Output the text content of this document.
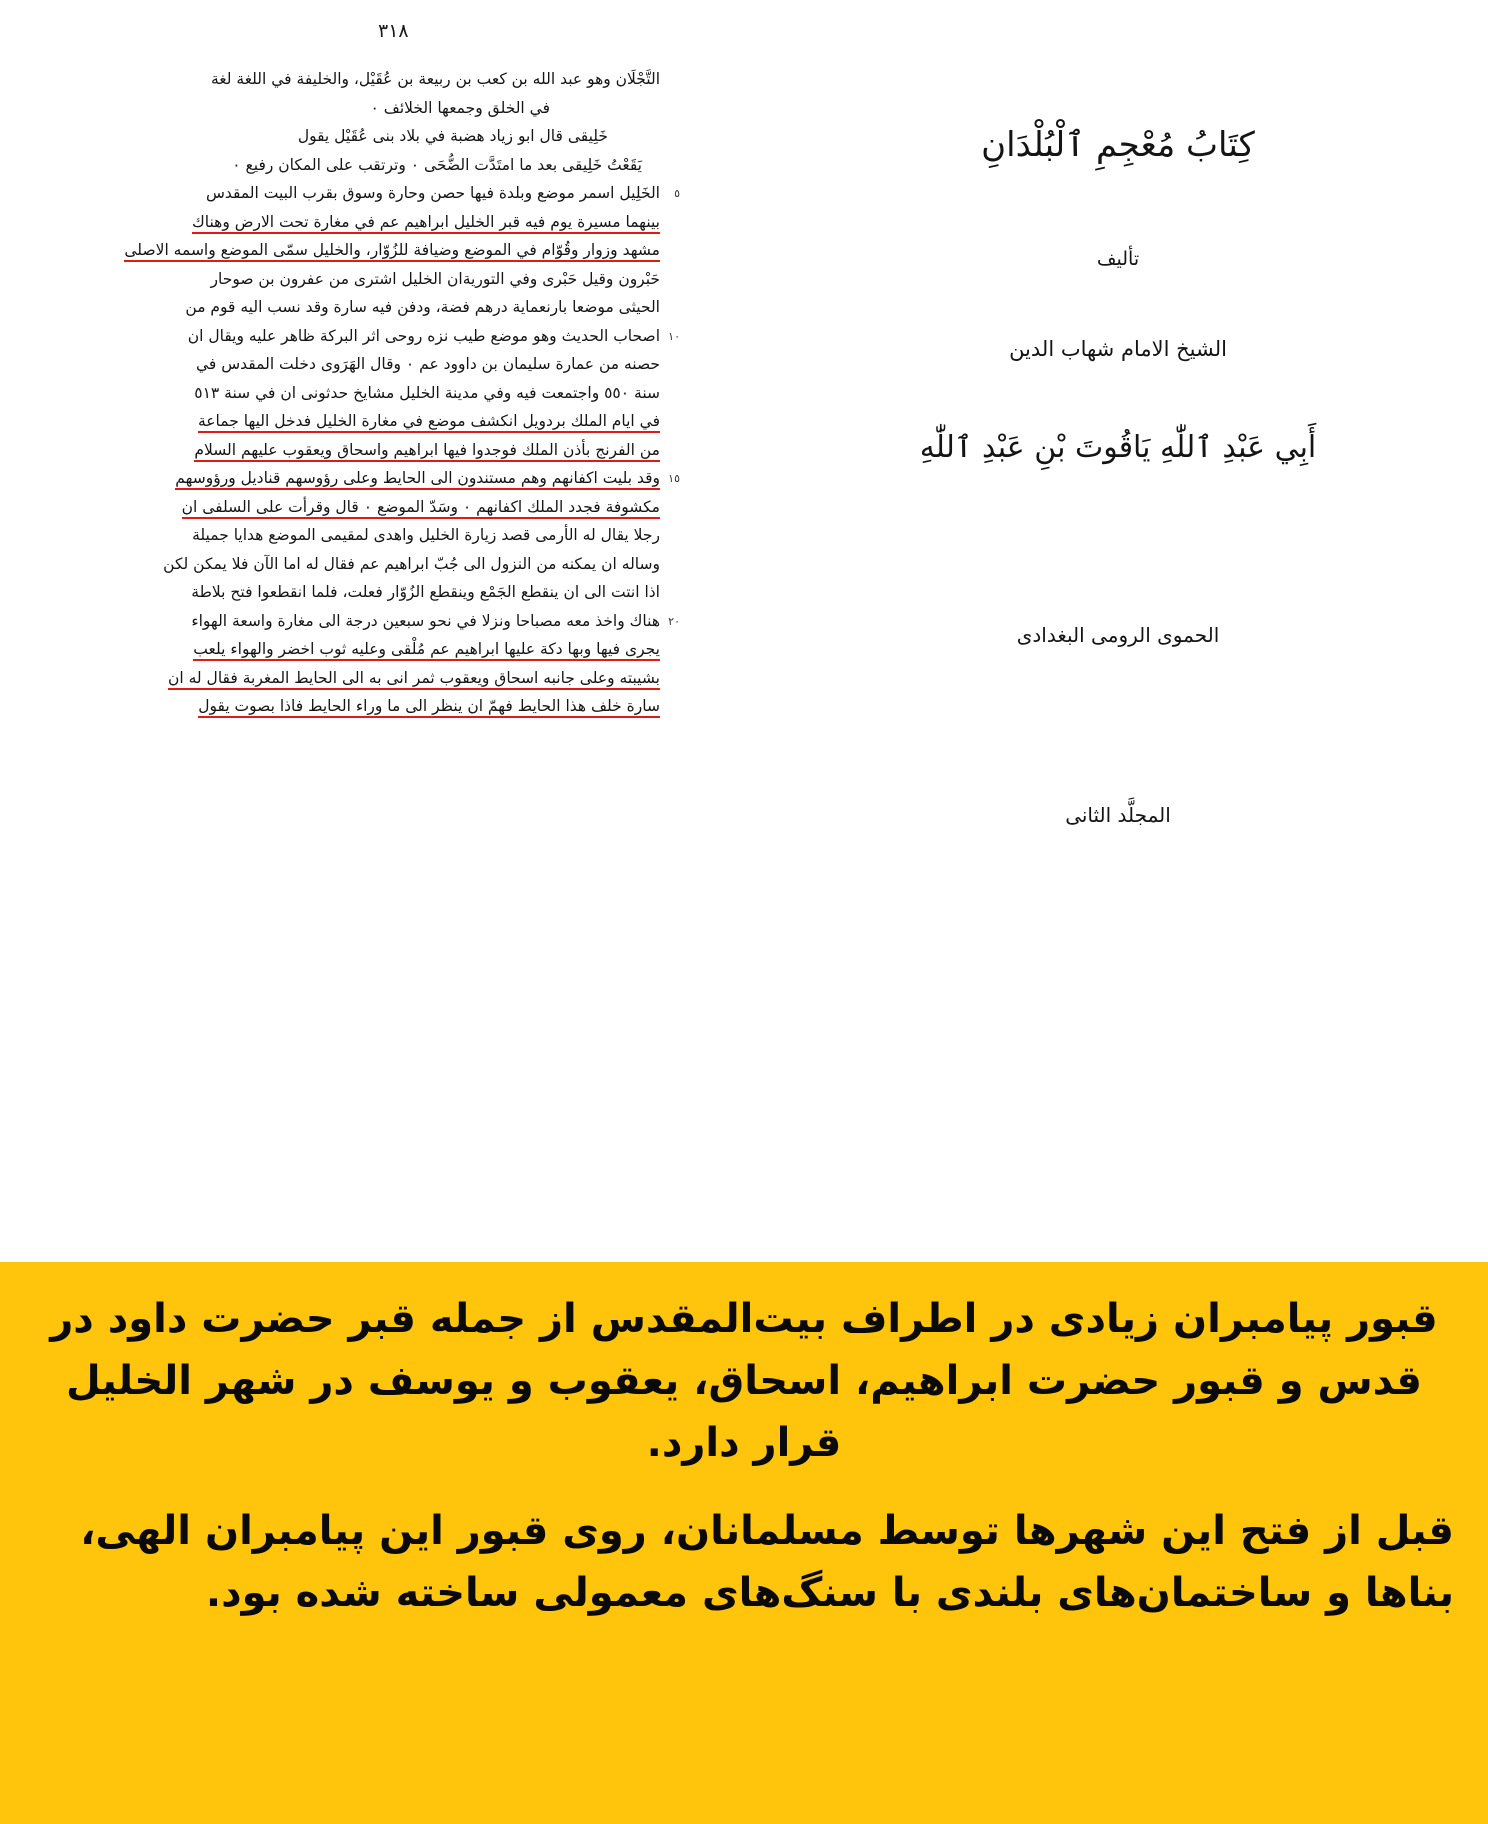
۳۱۸
كِتَابُ مُعْجِمِ ٱلْبُلْدَانِ
تأليف
الشيخ الامام شهاب الدين
أَبِي عَبْدِ ٱللّٰهِ يَاقُوتَ بْنِ عَبْدِ ٱللّٰهِ
الحموى الرومى البغدادى
المجلَّد الثانى
التَّجْلَان وهو عبد الله بن كعب بن ربيعة بن عُقَيْل، والخليفة في اللغة لغة
في الخلق وجمعها الخلائف ۰
خَلِيقى قال ابو زياد هضبة في بلاد بنى عُقَيْل يقول
يَقَعْتُ خَلِيقى بعد ما امتَدَّت الضُّحَى ۰ وترتقب على المكان رفيع ۰
٥
الخَلِيل اسمر موضع وبلدة فيها حصن وحارة وسوق بقرب البيت المقدس
بينهما مسيرة يوم فيه قبر الخليل ابراهيم عم في مغارة تحت الارض وهناك
مشهد وزوار وقُوّام في الموضع وضيافة للزُوّار، والخليل سمّى الموضع واسمه الاصلى
حَبْرون وقيل حَبْرى وفي التوريةان الخليل اشترى من عفرون بن صوحار
الحيثى موضعا بارنعماية درهم فضة، ودفن فيه سارة وقد نسب اليه قوم من
١٠
اصحاب الحديث وهو موضع طيب نزه روحى اثر البركة ظاهر عليه ويقال ان
حصنه من عمارة سليمان بن داوود عم ۰ وقال الهَرَوى دخلت المقدس في
سنة ٥٥٠ واجتمعت فيه وفي مدينة الخليل مشايخ حدثونى ان في سنة ٥١٣
في ايام الملك بردويل انكشف موضع في مغارة الخليل فدخل اليها جماعة
من الفرنج بأذن الملك فوجدوا فيها ابراهيم واسحاق ويعقوب عليهم السلام
١٥
وقد بليت اكفانهم وهم مستندون الى الحايط وعلى رؤوسهم قناديل ورؤوسهم
مكشوفة فجدد الملك اكفانهم ۰ وسَدّ الموضع ۰ قال وقرأت على السلفى ان
رجلا يقال له الأرمى قصد زيارة الخليل واهدى لمقيمى الموضع هدايا جميلة
وساله ان يمكنه من النزول الى جُبّ ابراهيم عم فقال له اما الآن فلا يمكن لكن
اذا انتت الى ان ينقطع الجَمْع وينقطع الزُوّار فعلت، فلما انقطعوا فتح بلاطة
٢٠
هناك واخذ معه مصباحا ونزلا في نحو سبعين درجة الى مغارة واسعة الهواء
يجرى فيها وبها دكة عليها ابراهيم عم مُلْقى وعليه ثوب اخضر والهواء يلعب
بشيبته وعلى جانبه اسحاق ويعقوب ثمر انى به الى الحايط المغربة فقال له ان
سارة خلف هذا الحايط فهمّ ان ينظر الى ما وراء الحايط فاذا بصوت يقول

قبور پیامبران زیادی در اطراف بیت‌المقدس از جمله قبر حضرت داود در قدس و قبور حضرت ابراهیم، اسحاق، یعقوب و یوسف در شهر الخلیل قرار دارد.

قبل از فتح این شهرها توسط مسلمانان، روی قبور این پیامبران الهی، بناها و ساختمان‌های بلندی با سنگ‌های معمولی ساخته شده بود.
